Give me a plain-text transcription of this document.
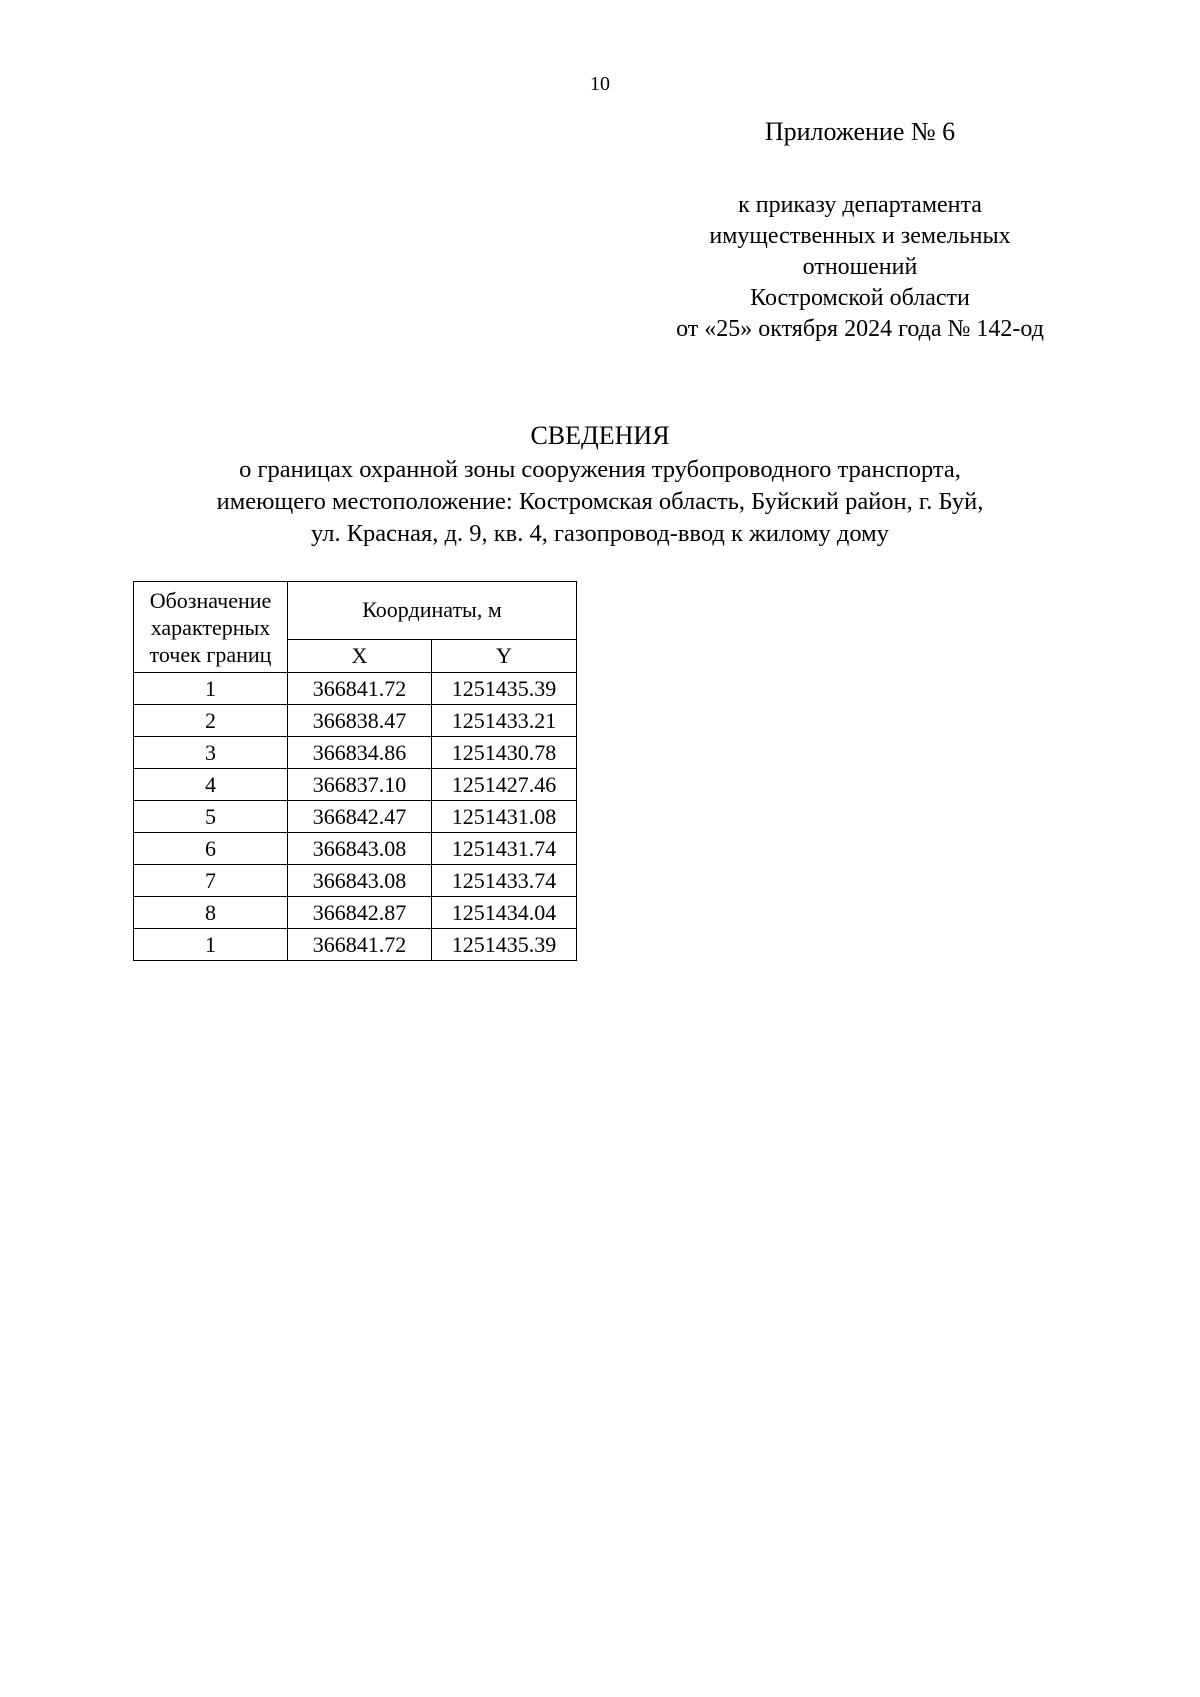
10
Приложение № 6
к приказу департамента
имущественных и земельных
отношений
Костромской области
от «25» октября 2024 года № 142-од
СВЕДЕНИЯ
о границах охранной зоны сооружения трубопроводного транспорта,
имеющего местоположение: Костромская область, Буйский район, г. Буй,
ул. Красная, д. 9, кв. 4, газопровод-ввод к жилому дому
Обозначение
характерных
точек границ	Координаты, м	
	X	Y
1	366841.72	1251435.39
2	366838.47	1251433.21
3	366834.86	1251430.78
4	366837.10	1251427.46
5	366842.47	1251431.08
6	366843.08	1251431.74
7	366843.08	1251433.74
8	366842.87	1251434.04
1	366841.72	1251435.39
